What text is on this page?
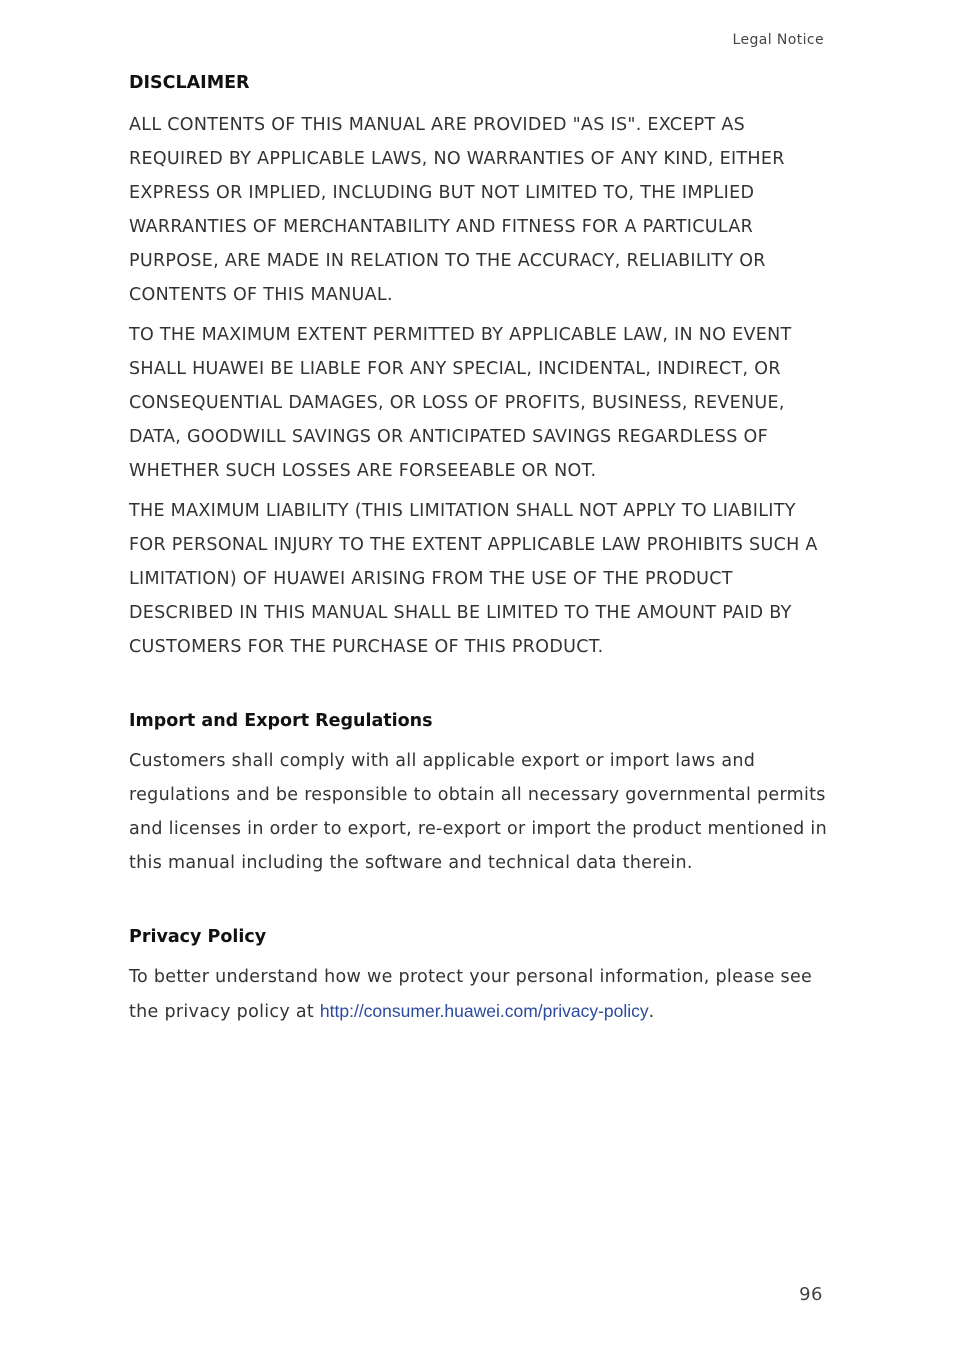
Legal Notice
DISCLAIMER

ALL CONTENTS OF THIS MANUAL ARE PROVIDED "AS IS". EXCEPT AS REQUIRED BY APPLICABLE LAWS, NO WARRANTIES OF ANY KIND, EITHER EXPRESS OR IMPLIED, INCLUDING BUT NOT LIMITED TO, THE IMPLIED WARRANTIES OF MERCHANTABILITY AND FITNESS FOR A PARTICULAR PURPOSE, ARE MADE IN RELATION TO THE ACCURACY, RELIABILITY OR CONTENTS OF THIS MANUAL.

TO THE MAXIMUM EXTENT PERMITTED BY APPLICABLE LAW, IN NO EVENT SHALL HUAWEI BE LIABLE FOR ANY SPECIAL, INCIDENTAL, INDIRECT, OR CONSEQUENTIAL DAMAGES, OR LOSS OF PROFITS, BUSINESS, REVENUE, DATA, GOODWILL SAVINGS OR ANTICIPATED SAVINGS REGARDLESS OF WHETHER SUCH LOSSES ARE FORSEEABLE OR NOT.

THE MAXIMUM LIABILITY (THIS LIMITATION SHALL NOT APPLY TO LIABILITY FOR PERSONAL INJURY TO THE EXTENT APPLICABLE LAW PROHIBITS SUCH A LIMITATION) OF HUAWEI ARISING FROM THE USE OF THE PRODUCT DESCRIBED IN THIS MANUAL SHALL BE LIMITED TO THE AMOUNT PAID BY CUSTOMERS FOR THE PURCHASE OF THIS PRODUCT.

Import and Export Regulations

Customers shall comply with all applicable export or import laws and regulations and be responsible to obtain all necessary governmental permits and licenses in order to export, re-export or import the product mentioned in this manual including the software and technical data therein.

Privacy Policy

To better understand how we protect your personal information, please see the privacy policy at http://consumer.huawei.com/privacy-policy.

96
